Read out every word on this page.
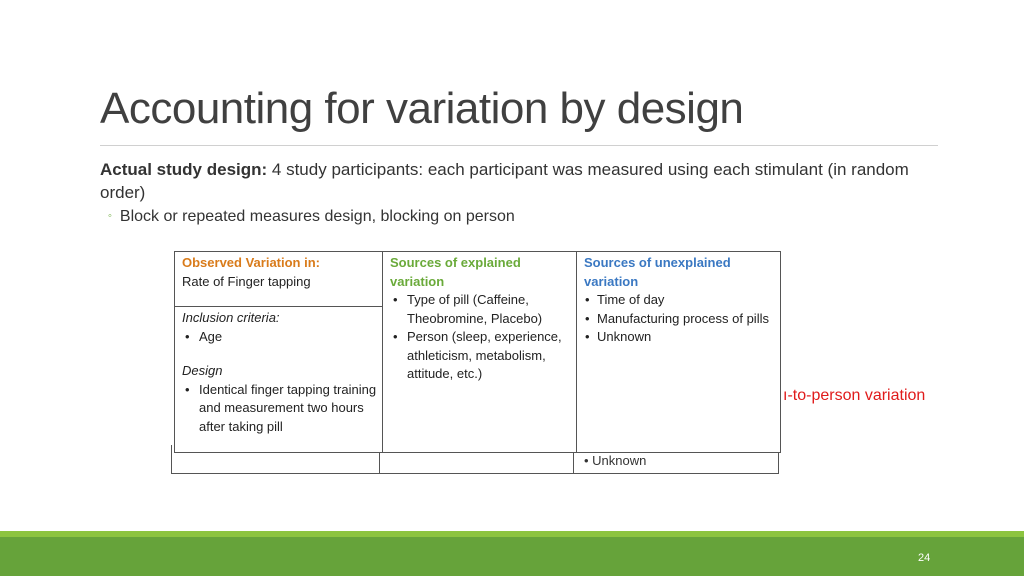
Accounting for variation by design
Actual study design: 4 study participants: each participant was measured using each stimulant (in random order)
◦ Block or repeated measures design, blocking on person
• Unknown
ı-to-person variation
Observed Variation in:
Rate of Finger tapping
Inclusion criteria:
• Age
Design
• Identical finger tapping training and measurement two hours after taking pill
Sources of explained variation
• Type of pill (Caffeine, Theobromine, Placebo)
• Person (sleep, experience, athleticism, metabolism, attitude, etc.)
Sources of unexplained variation
• Time of day
• Manufacturing process of pills
• Unknown
24
